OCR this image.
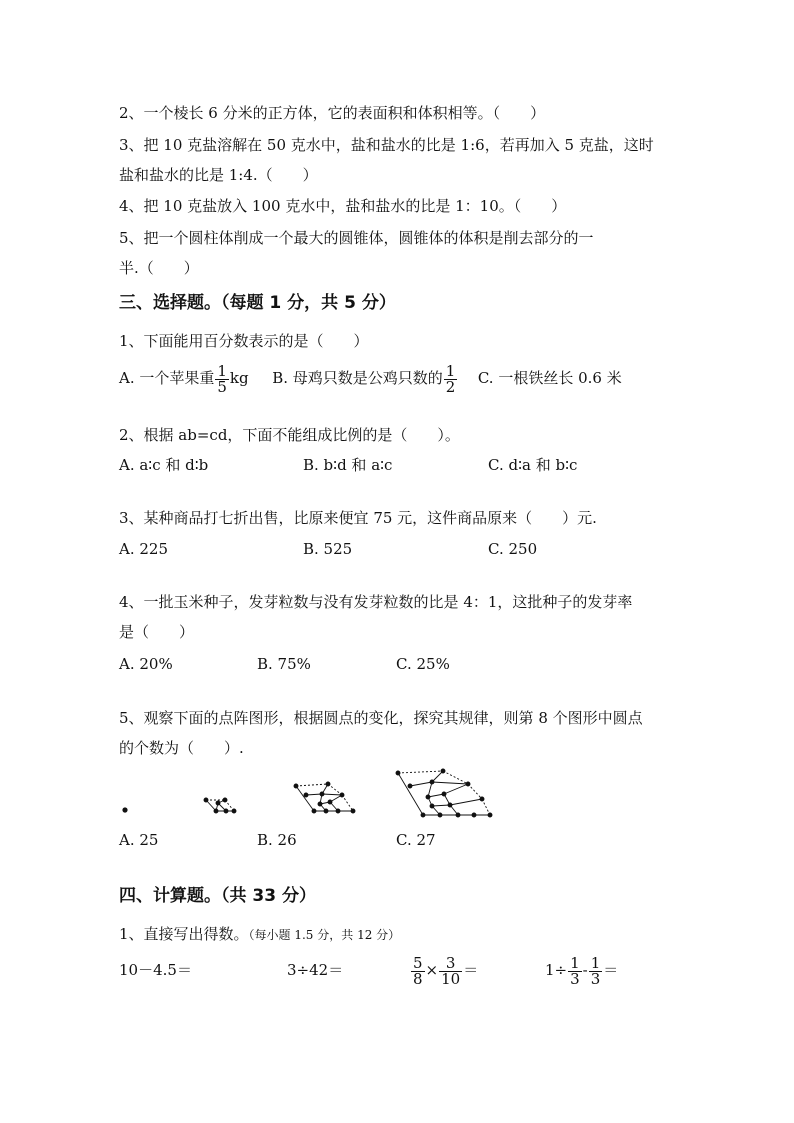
2、一个棱长 6 分米的正方体，它的表面积和体积相等。（　　）
3、把 10 克盐溶解在 50 克水中，盐和盐水的比是 1:6，若再加入 5 克盐，这时
盐和盐水的比是 1:4.（　　）
4、把 10 克盐放入 100 克水中，盐和盐水的比是 1：10。（　　）
5、把一个圆柱体削成一个最大的圆锥体，圆锥体的体积是削去部分的一
半.（　　）
三、选择题。（每题 1 分，共 5 分）
1、下面能用百分数表示的是（　　）
A. 一个苹果重 $\frac{1}{5}$ kg B. 母鸡只数是公鸡只数的 $\frac{1}{2} C$. 一根铁丝长 0.6 米
2、根据 ab=cd，下面不能组成比例的是（　　）。
A. a∶c 和 d∶b	B. b∶d 和 a∶c	C. d∶a 和 b∶c
3、某种商品打七折出售，比原来便宜 75 元，这件商品原来（　　）元.
A. 225	B. 525	C. 250
4、一批玉米种子，发芽粒数与没有发芽粒数的比是 4：1，这批种子的发芽率
是（　　）
A. 20%	B. 75%	C. 25%
5、观察下面的点阵图形，根据圆点的变化，探究其规律，则第 8 个图形中圆点
的个数为（　　）.
A. 25	B. 26	C. 27
四、计算题。（共 33 分）
1、直接写出得数。（每小题 1.5 分，共 12 分）
10－4.5＝	3÷42＝	$\frac{5}{8} \times \frac{3}{10}$ ＝	$1\div \frac{1}{3} - \frac{1}{3}$ ＝
